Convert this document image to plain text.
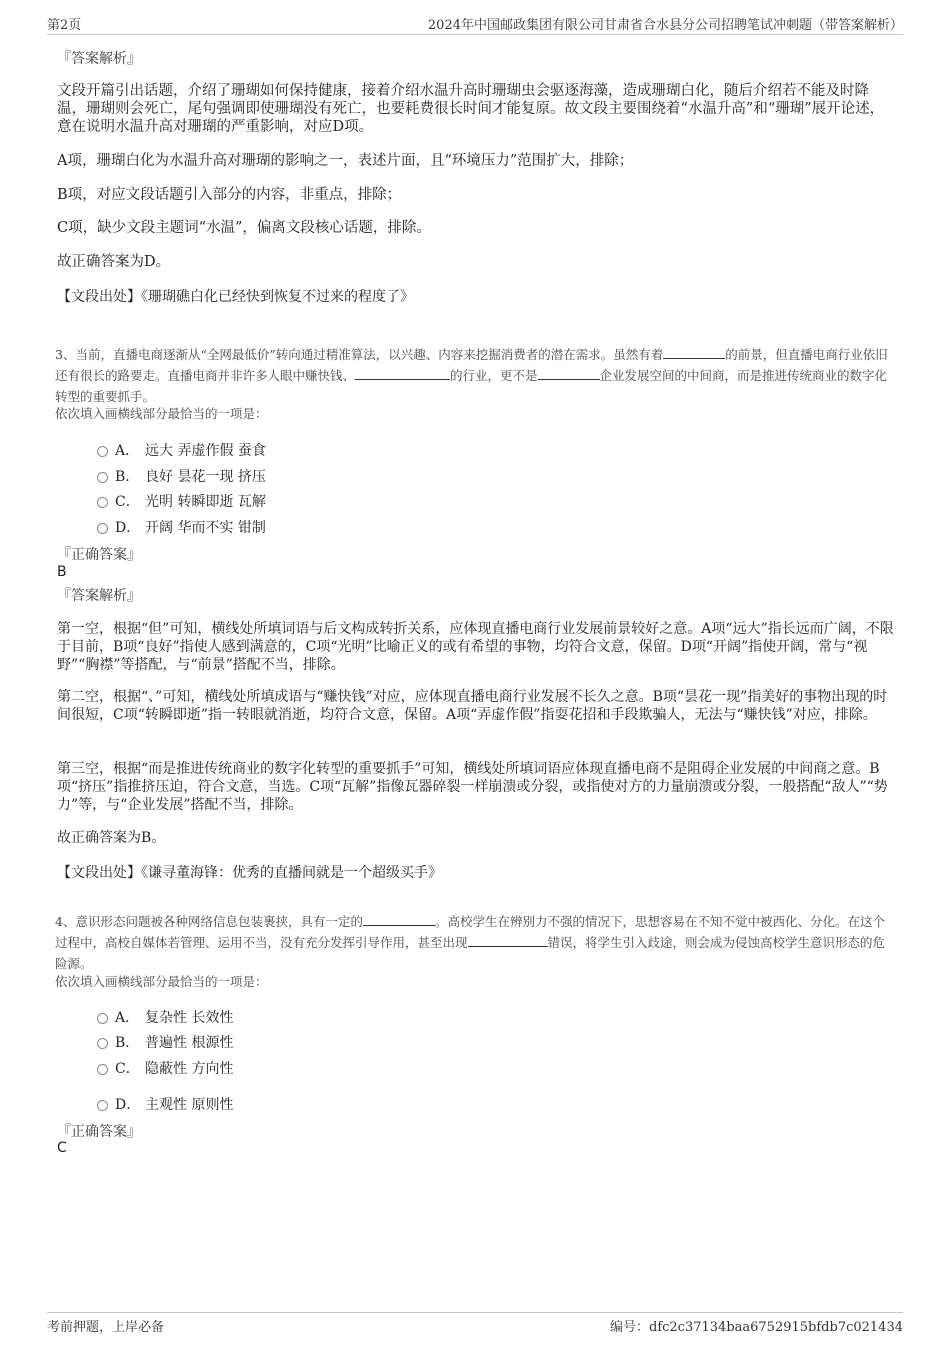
第2页	2024年中国邮政集团有限公司甘肃省合水县分公司招聘笔试冲刺题（带答案解析）
『答案解析』

文段开篇引出话题，介绍了珊瑚如何保持健康，接着介绍水温升高时珊瑚虫会驱逐海藻，造成珊瑚白化，随后介绍若不能及时降温，珊瑚则会死亡，尾句强调即使珊瑚没有死亡，也要耗费很长时间才能复原。故文段主要围绕着“水温升高”和“珊瑚”展开论述，意在说明水温升高对珊瑚的严重影响，对应D项。

A项，珊瑚白化为水温升高对珊瑚的影响之一，表述片面，且“环境压力”范围扩大，排除；

B项，对应文段话题引入部分的内容，非重点，排除；

C项，缺少文段主题词“水温”，偏离文段核心话题，排除。

故正确答案为D。

【文段出处】《珊瑚礁白化已经快到恢复不过来的程度了》

3、当前，直播电商逐渐从“全网最低价”转向通过精准算法，以兴趣、内容来挖掘消费者的潜在需求。虽然有着	的前景，但直播电商行业依旧还有很长的路要走。直播电商并非许多人眼中赚快钱、	的行业，更不是	企业发展空间的中间商，而是推进传统商业的数字化转型的重要抓手。

依次填入画横线部分最恰当的一项是：
A． 远大 弄虚作假 蚕食
B． 良好 昙花一现 挤压
C． 光明 转瞬即逝 瓦解
D． 开阔 华而不实 钳制
『正确答案』
B
『答案解析』

第一空，根据“但”可知，横线处所填词语与后文构成转折关系，应体现直播电商行业发展前景较好之意。A项“远大”指长远而广阔，不限于目前，B项“良好”指使人感到满意的，C项“光明”比喻正义的或有希望的事物，均符合文意，保留。D项“开阔”指使开阔，常与“视野”“胸襟”等搭配，与“前景”搭配不当，排除。

第二空，根据“、”可知，横线处所填成语与“赚快钱”对应，应体现直播电商行业发展不长久之意。B项“昙花一现”指美好的事物出现的时间很短，C项“转瞬即逝”指一转眼就消逝，均符合文意，保留。A项“弄虚作假”指耍花招和手段欺骗人，无法与“赚快钱”对应，排除。

第三空，根据“而是推进传统商业的数字化转型的重要抓手”可知，横线处所填词语应体现直播电商不是阻碍企业发展的中间商之意。B项“挤压”指推挤压迫，符合文意，当选。C项“瓦解”指像瓦器碎裂一样崩溃或分裂，或指使对方的力量崩溃或分裂，一般搭配“敌人”“势力”等，与“企业发展”搭配不当，排除。

故正确答案为B。

【文段出处】《谦寻董海锋：优秀的直播间就是一个超级买手》

4、意识形态问题被各种网络信息包装裹挟，具有一定的	。高校学生在辨别力不强的情况下，思想容易在不知不觉中被西化、分化。在这个过程中，高校自媒体若管理、运用不当，没有充分发挥引导作用，甚至出现	错误，将学生引入歧途，则会成为侵蚀高校学生意识形态的危险源。

依次填入画横线部分最恰当的一项是：
A． 复杂性 长效性
B． 普遍性 根源性
C． 隐蔽性 方向性
D． 主观性 原则性
『正确答案』
C
考前押题，上岸必备	编号：dfc2c37134baa6752915bfdb7c021434
